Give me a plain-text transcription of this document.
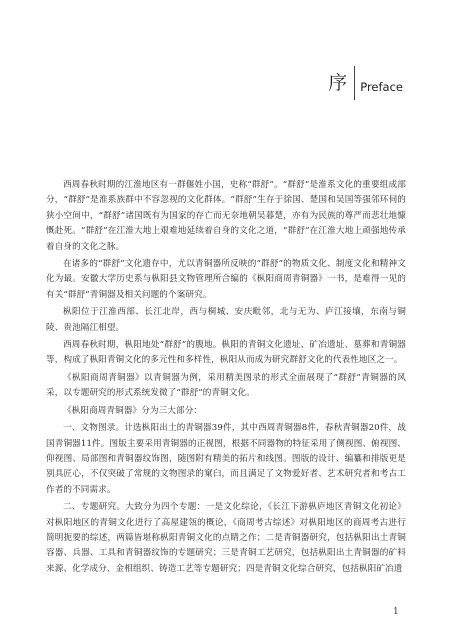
序 Preface

西周春秋时期的江淮地区有一群偃姓小国，史称“群舒”。“群舒”是淮系文化的重要组成部分，“群舒”是淮系族群中不容忽视的文化群体。“群舒”生存于徐国、楚国和吴国等强邻环伺的狭小空间中，“群舒”诸国既有为国家的存亡而无奈地朝吴暮楚，亦有为民族的尊严而悲壮地慷慨赴死。“群舒”在江淮大地上艰难地延续着自身的文化之道，“群舒”在江淮大地上顽强地传承着自身的文化之脉。

在诸多的“群舒”文化遗存中，尤以青铜器所反映的“群舒”的物质文化、制度文化和精神文化为最。安徽大学历史系与枞阳县文物管理所合编的《枞阳商周青铜器》一书，是难得一见的有关“群舒”青铜器及相关问题的个案研究。

枞阳位于江淮西部、长江北岸，西与桐城、安庆毗邻，北与无为、庐江接壤，东南与铜陵、贵池隔江相望。

西周春秋时期，枞阳地处“群舒”的腹地。枞阳的青铜文化遗址、矿冶遗址、墓葬和青铜器等，构成了枞阳青铜文化的多元性和多样性，枞阳从而成为研究群舒文化的代表性地区之一。

《枞阳商周青铜器》以青铜器为例，采用精美图录的形式全面展现了“群舒”青铜器的风采，以专题研究的形式系统发微了“群舒”的青铜文化。

《枞阳商周青铜器》分为三大部分：

一、文物图录。计选枞阳出土的青铜器39件，其中西周青铜器8件，春秋青铜器20件，战国青铜器11件。图版主要采用青铜器的正视图，根据不同器物的特征采用了侧视图、俯视图、仰视图、局部图和青铜器纹饰图，随图附有精美的拓片和线图。图版的设计、编纂和排版更是别具匠心，不仅突破了常规的文物图录的窠臼，而且满足了文物爱好者、艺术研究者和考古工作者的不同需求。

二、专题研究。大致分为四个专题：一是文化综论，《长江下游枞庐地区青铜文化初论》对枞阳地区的青铜文化进行了高屋建瓴的概论，《商周考古综述》对枞阳地区的商周考古进行简明扼要的综述，两篇皆堪称枞阳青铜文化的点睛之作；二是青铜器研究，包括枞阳出土青铜容器、兵器、工具和青铜器纹饰的专题研究；三是青铜工艺研究，包括枞阳出土青铜器的矿料来源、化学成分、金相组织、铸造工艺等专题研究；四是青铜文化综合研究，包括枞阳矿冶遗

1
